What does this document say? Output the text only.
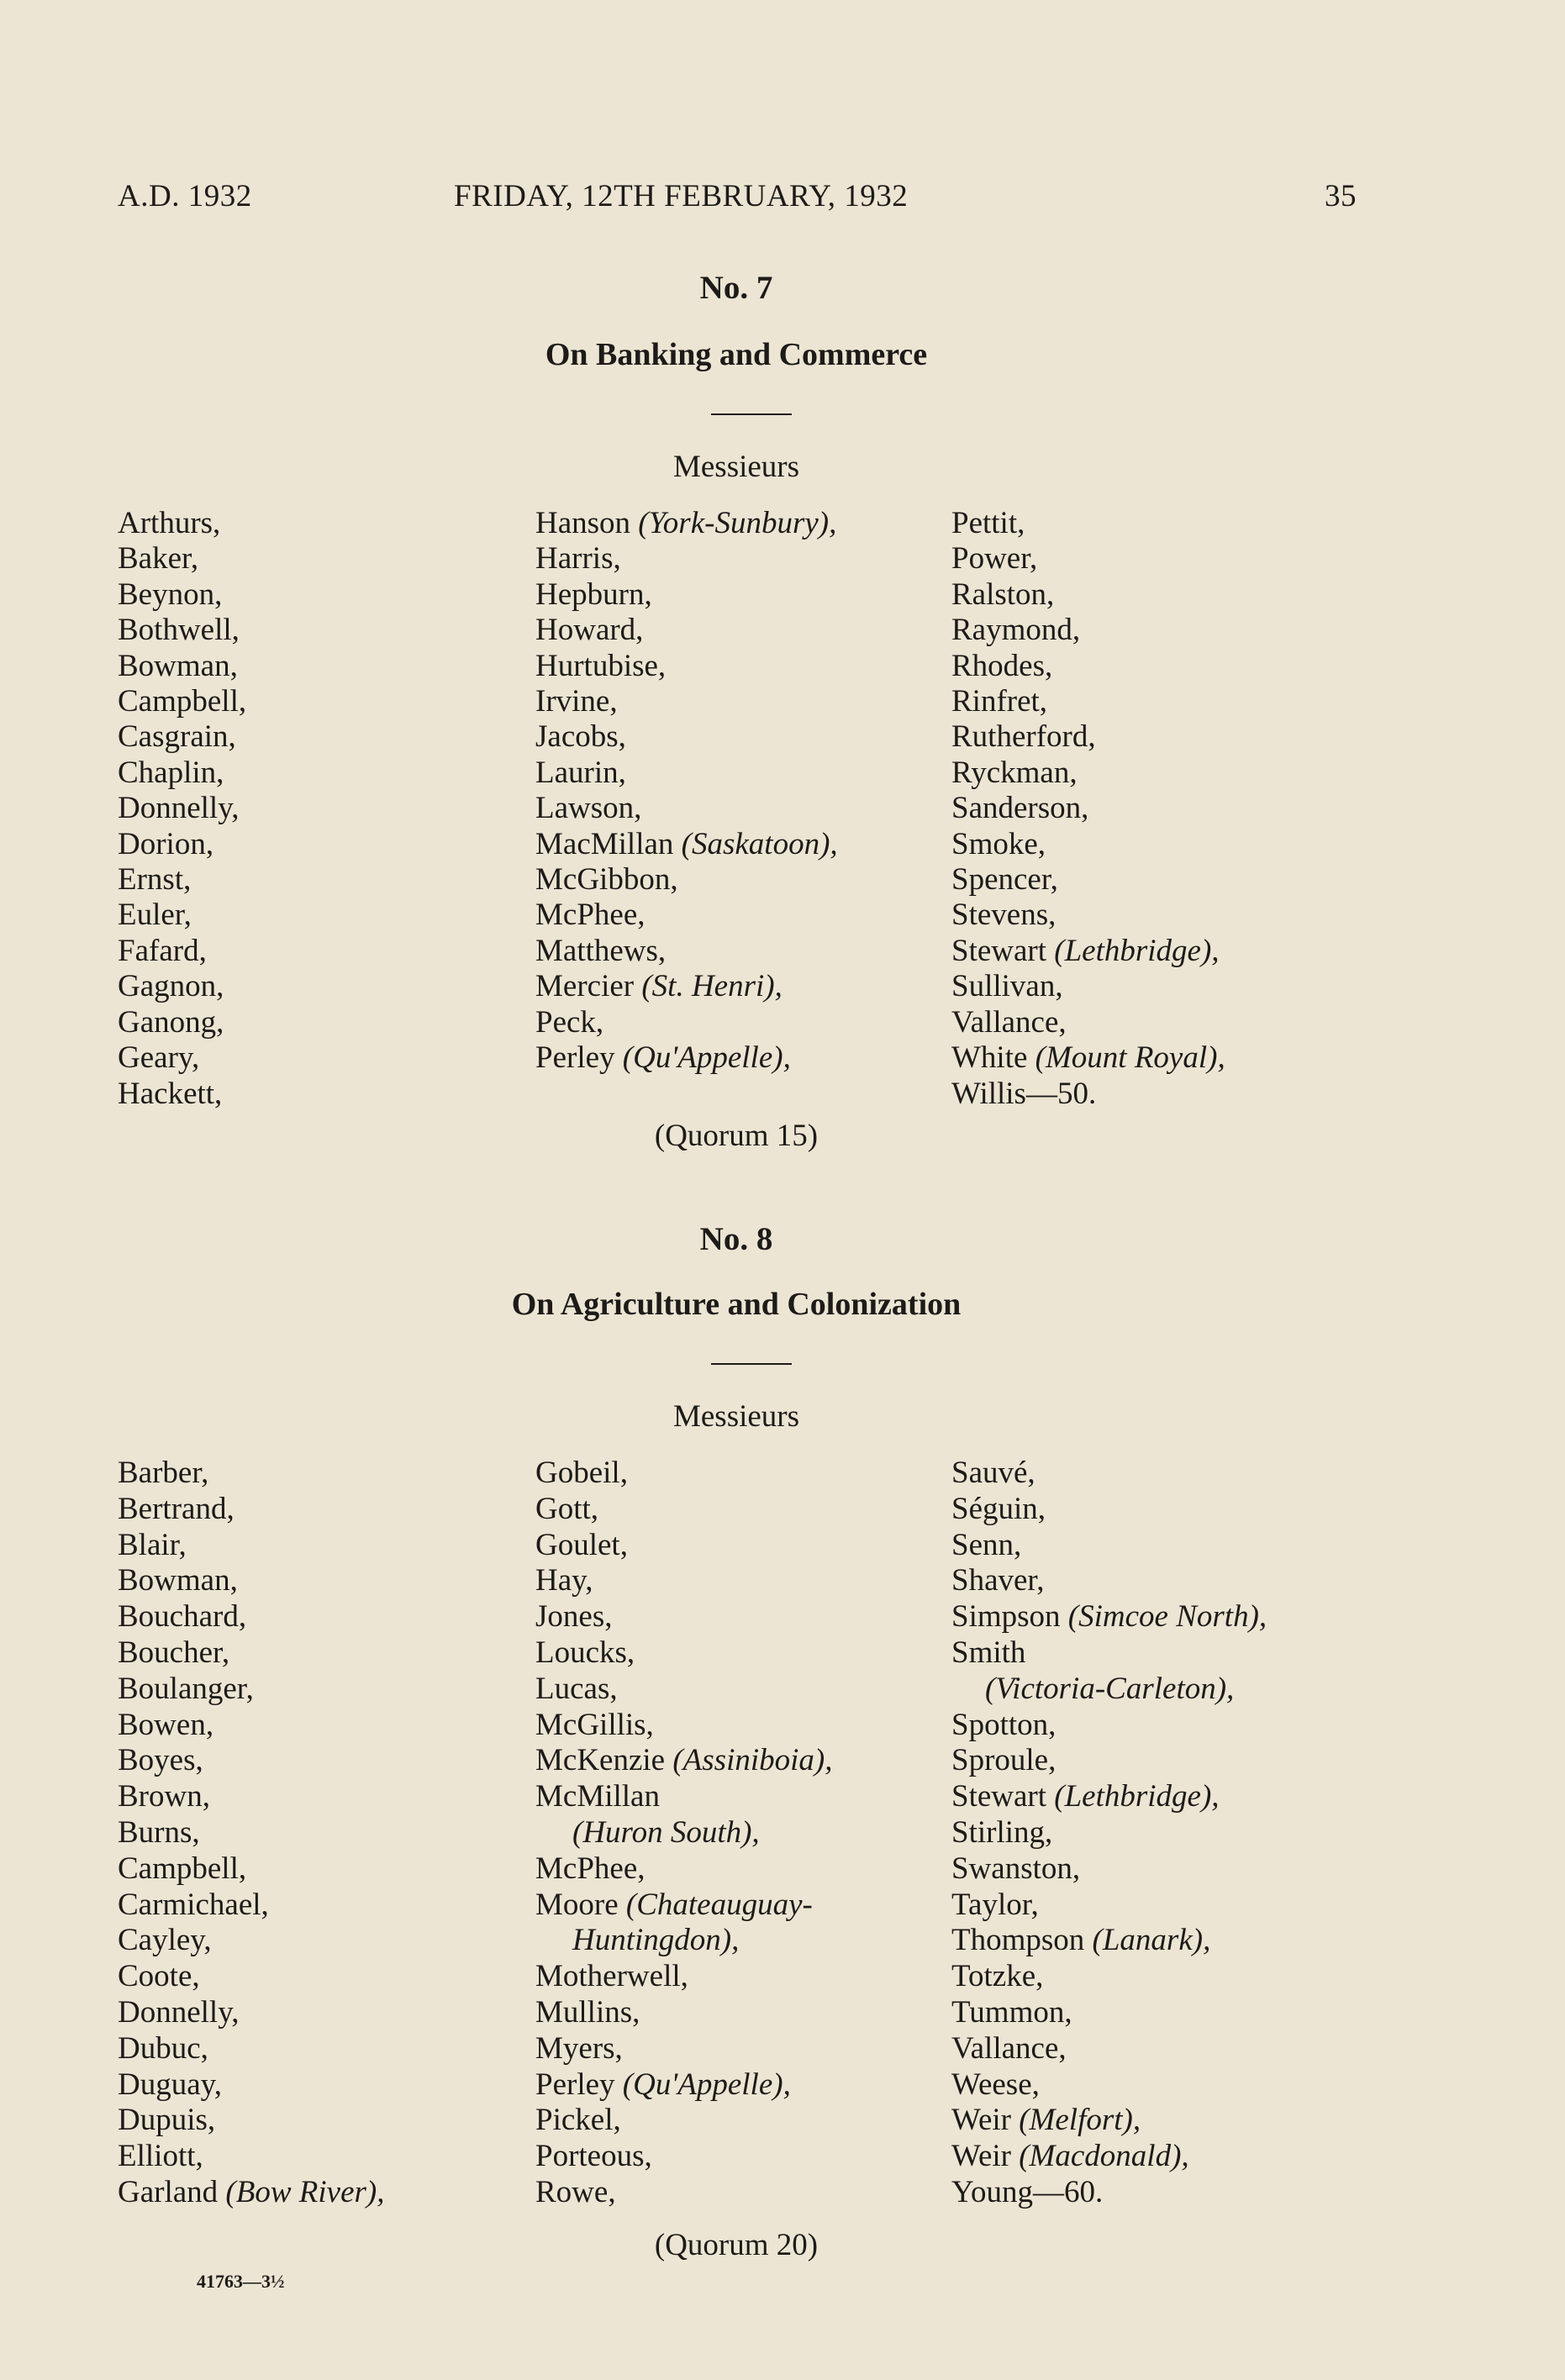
A.D. 1932	FRIDAY, 12TH FEBRUARY, 1932	35
No. 7
On Banking and Commerce
Messieurs
Arthurs,
Baker,
Beynon,
Bothwell,
Bowman,
Campbell,
Casgrain,
Chaplin,
Donnelly,
Dorion,
Ernst,
Euler,
Fafard,
Gagnon,
Ganong,
Geary,
Hackett,
Hanson (York-Sunbury),
Harris,
Hepburn,
Howard,
Hurtubise,
Irvine,
Jacobs,
Laurin,
Lawson,
MacMillan (Saskatoon),
McGibbon,
McPhee,
Matthews,
Mercier (St. Henri),
Peck,
Perley (Qu'Appelle),
Pettit,
Power,
Ralston,
Raymond,
Rhodes,
Rinfret,
Rutherford,
Ryckman,
Sanderson,
Smoke,
Spencer,
Stevens,
Stewart (Lethbridge),
Sullivan,
Vallance,
White (Mount Royal),
Willis—50.
(Quorum 15)
No. 8
On Agriculture and Colonization
Messieurs
Barber,
Bertrand,
Blair,
Bowman,
Bouchard,
Boucher,
Boulanger,
Bowen,
Boyes,
Brown,
Burns,
Campbell,
Carmichael,
Cayley,
Coote,
Donnelly,
Dubuc,
Duguay,
Dupuis,
Elliott,
Garland (Bow River),
Gobeil,
Gott,
Goulet,
Hay,
Jones,
Loucks,
Lucas,
McGillis,
McKenzie (Assiniboia),
McMillan
(Huron South),
McPhee,
Moore (Chateauguay-
Huntingdon),
Motherwell,
Mullins,
Myers,
Perley (Qu'Appelle),
Pickel,
Porteous,
Rowe,
Sauvé,
Séguin,
Senn,
Shaver,
Simpson (Simcoe North),
Smith
(Victoria-Carleton),
Spotton,
Sproule,
Stewart (Lethbridge),
Stirling,
Swanston,
Taylor,
Thompson (Lanark),
Totzke,
Tummon,
Vallance,
Weese,
Weir (Melfort),
Weir (Macdonald),
Young—60.
(Quorum 20)
41763—3½
